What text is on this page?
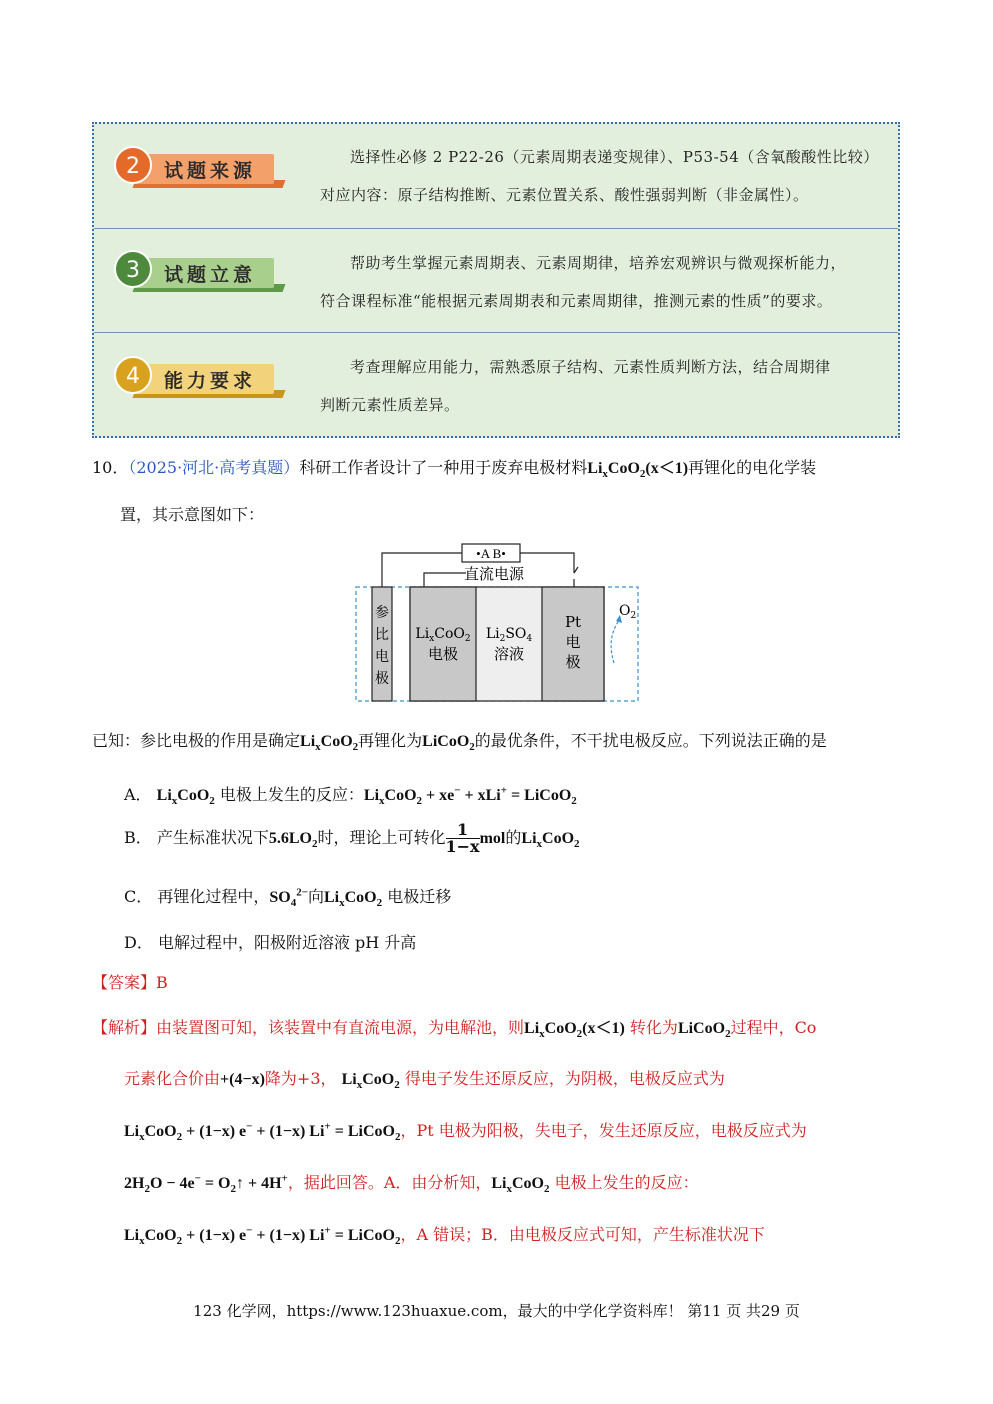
2	试题来源
选择性必修 2 P22-26（元素周期表递变规律）、P53-54（含氧酸酸性比较）
对应内容：原子结构推断、元素位置关系、酸性强弱判断（非金属性）。
3	试题立意
帮助考生掌握元素周期表、元素周期律，培养宏观辨识与微观探析能力，
符合课程标准“能根据元素周期表和元素周期律，推测元素的性质”的要求。
4	能力要求
考查理解应用能力，需熟悉原子结构、元素性质判断方法，结合周期律
判断元素性质差异。
10．（2025·河北·高考真题）科研工作者设计了一种用于废弃电极材料$Li_xCoO_2(x<1)$再锂化的电化学装
置，其示意图如下：
•A B•
直流电源
参
比
电
极
$Li_xCoO_2$
电极
$Li_2SO_4$
溶液
Pt
电
极
$O_2$
已知：参比电极的作用是确定$Li_xCoO_2$再锂化为LiCoO$_2$的最优条件，不干扰电极反应。下列说法正确的是
A． $Li_xCoO_2$ 电极上发生的反应：$Li_xCoO_2 + xe^- + xLi^+$ = LiCoO$_2$
B． 产生标准状况下$5.6LO_2$时，理论上可转化 $\frac{1}{1-x}$ mol的$Li_xCoO_2$
C． 再锂化过程中，$SO_4^{2-}$向$Li_xCoO_2$ 电极迁移
D． 电解过程中，阳极附近溶液 pH 升高
【答案】B
【解析】由装置图可知，该装置中有直流电源，为电解池，则$Li_xCoO_2(x<1)$ 转化为LiCoO$_2$过程中，Co
元素化合价由+(4−x)降为+3， $Li_xCoO_2$ 得电子发生还原反应，为阴极，电极反应式为
$Li_xCoO_2 + (1-x) e^- + (1-x) Li^+$ = LiCoO$_2$，Pt 电极为阳极，失电子，发生还原反应，电极反应式为
$2H_2O - 4e^-$ = $O_2↑ + 4H^+$，据此回答。A．由分析知，$Li_xCoO_2$ 电极上发生的反应：
$Li_xCoO_2 + (1-x) e^- + (1-x) Li^+$ = LiCoO$_2$，A 错误；B．由电极反应式可知，产生标准状况下
123 化学网，https://www.123huaxue.com，最大的中学化学资料库！ 第11 页 共29 页
